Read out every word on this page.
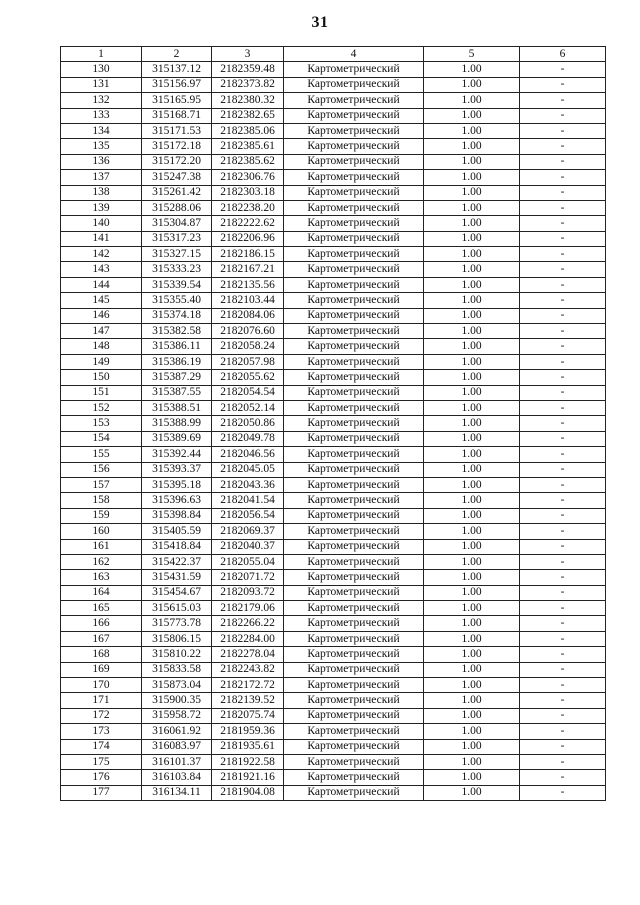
31
1	2	3	4	5	6
130	315137.12	2182359.48	Картометрический	1.00	-
131	315156.97	2182373.82	Картометрический	1.00	-
132	315165.95	2182380.32	Картометрический	1.00	-
133	315168.71	2182382.65	Картометрический	1.00	-
134	315171.53	2182385.06	Картометрический	1.00	-
135	315172.18	2182385.61	Картометрический	1.00	-
136	315172.20	2182385.62	Картометрический	1.00	-
137	315247.38	2182306.76	Картометрический	1.00	-
138	315261.42	2182303.18	Картометрический	1.00	-
139	315288.06	2182238.20	Картометрический	1.00	-
140	315304.87	2182222.62	Картометрический	1.00	-
141	315317.23	2182206.96	Картометрический	1.00	-
142	315327.15	2182186.15	Картометрический	1.00	-
143	315333.23	2182167.21	Картометрический	1.00	-
144	315339.54	2182135.56	Картометрический	1.00	-
145	315355.40	2182103.44	Картометрический	1.00	-
146	315374.18	2182084.06	Картометрический	1.00	-
147	315382.58	2182076.60	Картометрический	1.00	-
148	315386.11	2182058.24	Картометрический	1.00	-
149	315386.19	2182057.98	Картометрический	1.00	-
150	315387.29	2182055.62	Картометрический	1.00	-
151	315387.55	2182054.54	Картометрический	1.00	-
152	315388.51	2182052.14	Картометрический	1.00	-
153	315388.99	2182050.86	Картометрический	1.00	-
154	315389.69	2182049.78	Картометрический	1.00	-
155	315392.44	2182046.56	Картометрический	1.00	-
156	315393.37	2182045.05	Картометрический	1.00	-
157	315395.18	2182043.36	Картометрический	1.00	-
158	315396.63	2182041.54	Картометрический	1.00	-
159	315398.84	2182056.54	Картометрический	1.00	-
160	315405.59	2182069.37	Картометрический	1.00	-
161	315418.84	2182040.37	Картометрический	1.00	-
162	315422.37	2182055.04	Картометрический	1.00	-
163	315431.59	2182071.72	Картометрический	1.00	-
164	315454.67	2182093.72	Картометрический	1.00	-
165	315615.03	2182179.06	Картометрический	1.00	-
166	315773.78	2182266.22	Картометрический	1.00	-
167	315806.15	2182284.00	Картометрический	1.00	-
168	315810.22	2182278.04	Картометрический	1.00	-
169	315833.58	2182243.82	Картометрический	1.00	-
170	315873.04	2182172.72	Картометрический	1.00	-
171	315900.35	2182139.52	Картометрический	1.00	-
172	315958.72	2182075.74	Картометрический	1.00	-
173	316061.92	2181959.36	Картометрический	1.00	-
174	316083.97	2181935.61	Картометрический	1.00	-
175	316101.37	2181922.58	Картометрический	1.00	-
176	316103.84	2181921.16	Картометрический	1.00	-
177	316134.11	2181904.08	Картометрический	1.00	-
